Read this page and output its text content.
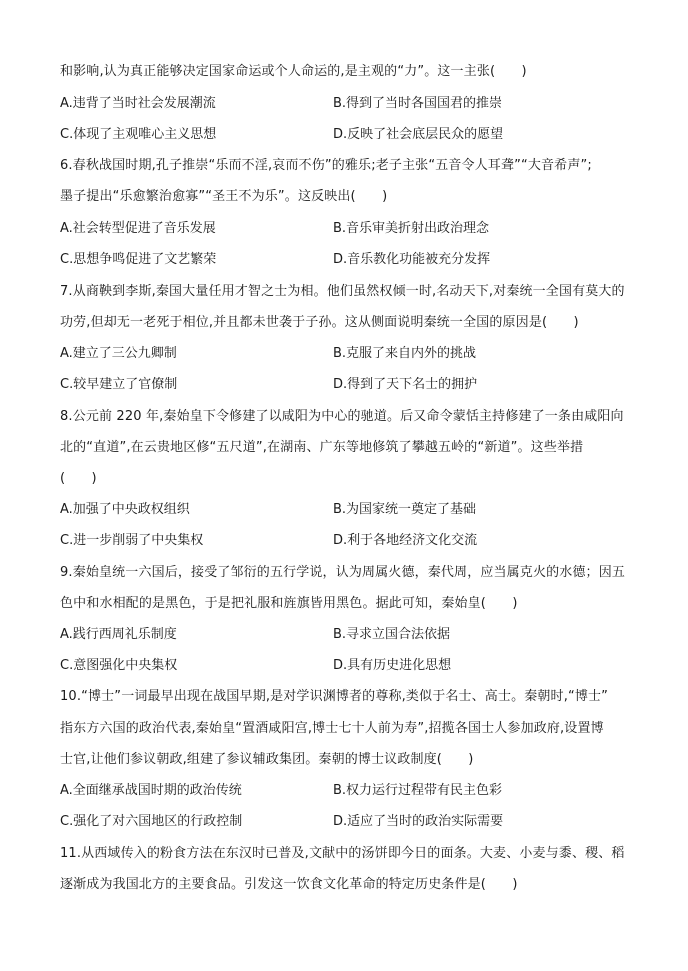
和影响,认为真正能够决定国家命运或个人命运的,是主观的“力”。这一主张(　　)
A.违背了当时社会发展潮流	B.得到了当时各国国君的推崇
C.体现了主观唯心主义思想	D.反映了社会底层民众的愿望
6.春秋战国时期,孔子推崇“乐而不淫,哀而不伤”的雅乐;老子主张“五音令人耳聋”“大音希声”;
墨子提出“乐愈繁治愈寡”“圣王不为乐”。这反映出(　　)
A.社会转型促进了音乐发展	B.音乐审美折射出政治理念
C.思想争鸣促进了文艺繁荣	D.音乐教化功能被充分发挥
7.从商鞅到李斯,秦国大量任用才智之士为相。他们虽然权倾一时,名动天下,对秦统一全国有莫大的
功劳,但却无一老死于相位,并且都未世袭于子孙。这从侧面说明秦统一全国的原因是(　　)
A.建立了三公九卿制	B.克服了来自内外的挑战
C.较早建立了官僚制	D.得到了天下名士的拥护
8.公元前 220 年,秦始皇下令修建了以咸阳为中心的驰道。后又命令蒙恬主持修建了一条由咸阳向
北的“直道”,在云贵地区修“五尺道”,在湖南、广东等地修筑了攀越五岭的“新道”。这些举措
(　　)
A.加强了中央政权组织	B.为国家统一奠定了基础
C.进一步削弱了中央集权	D.利于各地经济文化交流
9.秦始皇统一六国后，接受了邹衍的五行学说，认为周属火德，秦代周，应当属克火的水德；因五
色中和水相配的是黑色，于是把礼服和旌旗皆用黑色。据此可知，秦始皇(　　)
A.践行西周礼乐制度	B.寻求立国合法依据
C.意图强化中央集权	D.具有历史进化思想
10.“博士”一词最早出现在战国早期,是对学识渊博者的尊称,类似于名士、高士。秦朝时,“博士”
指东方六国的政治代表,秦始皇“置酒咸阳宫,博士七十人前为寿”,招揽各国士人参加政府,设置博
士官,让他们参议朝政,组建了参议辅政集团。秦朝的博士议政制度(　　)
A.全面继承战国时期的政治传统	B.权力运行过程带有民主色彩
C.强化了对六国地区的行政控制	D.适应了当时的政治实际需要
11.从西域传入的粉食方法在东汉时已普及,文献中的汤饼即今日的面条。大麦、小麦与黍、稷、稻
逐渐成为我国北方的主要食品。引发这一饮食文化革命的特定历史条件是(　　)
